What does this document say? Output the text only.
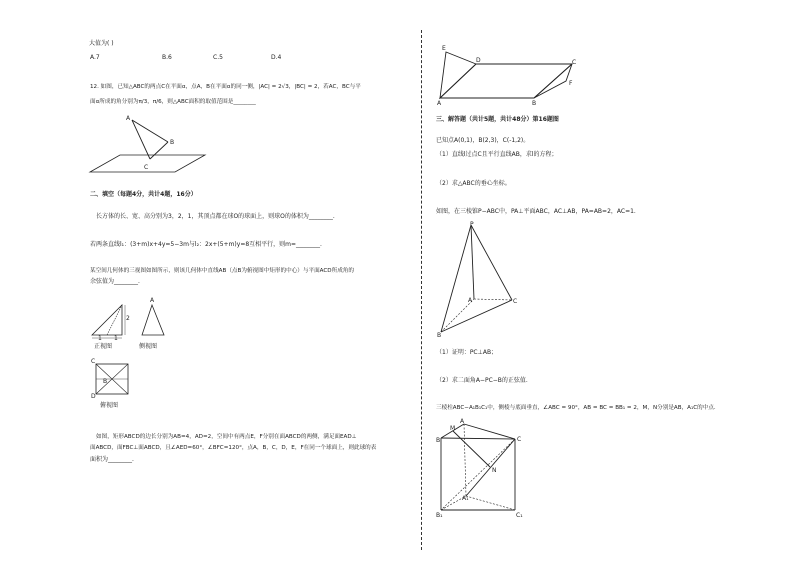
大值为( )
A.7	B.6	C.5	D.4
12. 如图，已知△ABC的两点C在平面α，点A，B在平面α的同一侧，|AC| = 2√3，|BC| = 2，若AC，BC与平
面α所成的角分别为π/3，π/6，则△ABC面积的取值范围是________
A
B
C
二、填空（每题4分，共计4题，16分）
长方体的长、宽、高分别为3，2，1，其顶点都在球O的球面上，则球O的体积为________.
若两条直线l₁：(3+m)x+4y=5−3m与l₂：2x+(5+m)y=8互相平行，则m=________.
某空间几何体的三视图如图所示，则该几何体中直线AB（点B为俯视图中矩形的中心）与平面ACD所成角的
余弦值为________.
2
1 1
正视图
A
侧视图
C
B
D
俯视图
如图，矩形ABCD的边长分别为AB=4，AD=2，空间中有两点E，F分别在面ABCD的两侧，满足面EAD⊥
面ABCD，面FBC⊥面ABCD，且∠AED=60°，∠BFC=120°，点A，B，C，D，E，F在同一个球面上，则此球的表
面积为________.
E
D	C
F
A	B
三、解答题（共计5题，共计48分）第16题图
已知点A(0,1)，B(2,3)，C(-1,2)。
（1）直线l过点C且平行直线AB，求l的方程；
（2）求△ABC的垂心坐标。
如图，在三棱锥P−ABC中，PA⊥平面ABC，AC⊥AB，PA=AB=2，AC=1.
P
A
B
C
（1）证明：PC⊥AB；
（2）求二面角A−PC−B的正弦值.
三棱柱ABC−A₁B₁C₁中，侧棱与底面垂直，∠ABC = 90°，AB = BC = BB₁ = 2，M，N分别是AB，A₁C的中点.
M
A
B	C
N
A₁
B₁	C₁
